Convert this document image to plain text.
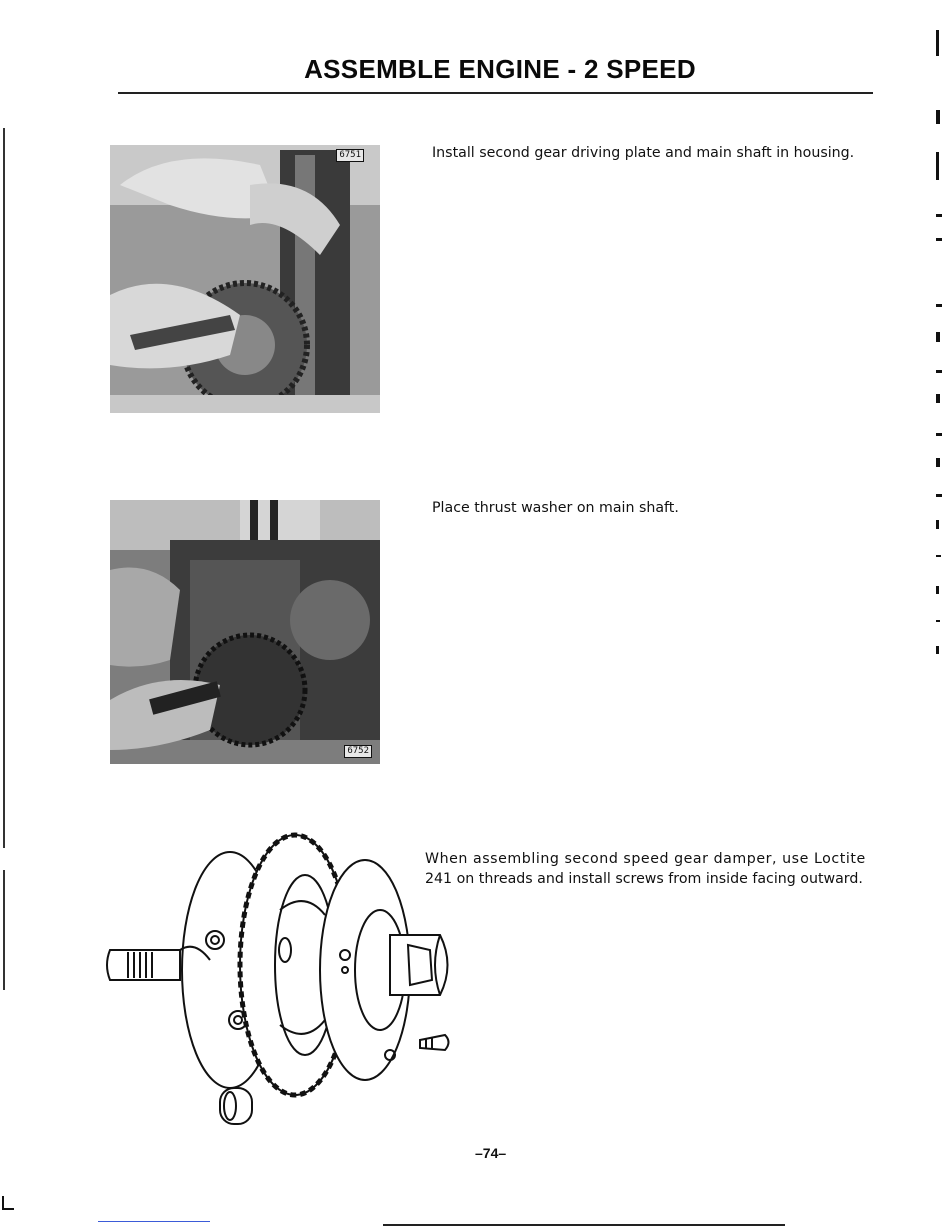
ASSEMBLE ENGINE - 2 SPEED
6751	Install second gear driving plate and main shaft in housing.
6752
Place thrust washer on main shaft.
When assembling second speed gear damper, use Loctite
241 on threads and install screws from inside facing outward.
–74–
